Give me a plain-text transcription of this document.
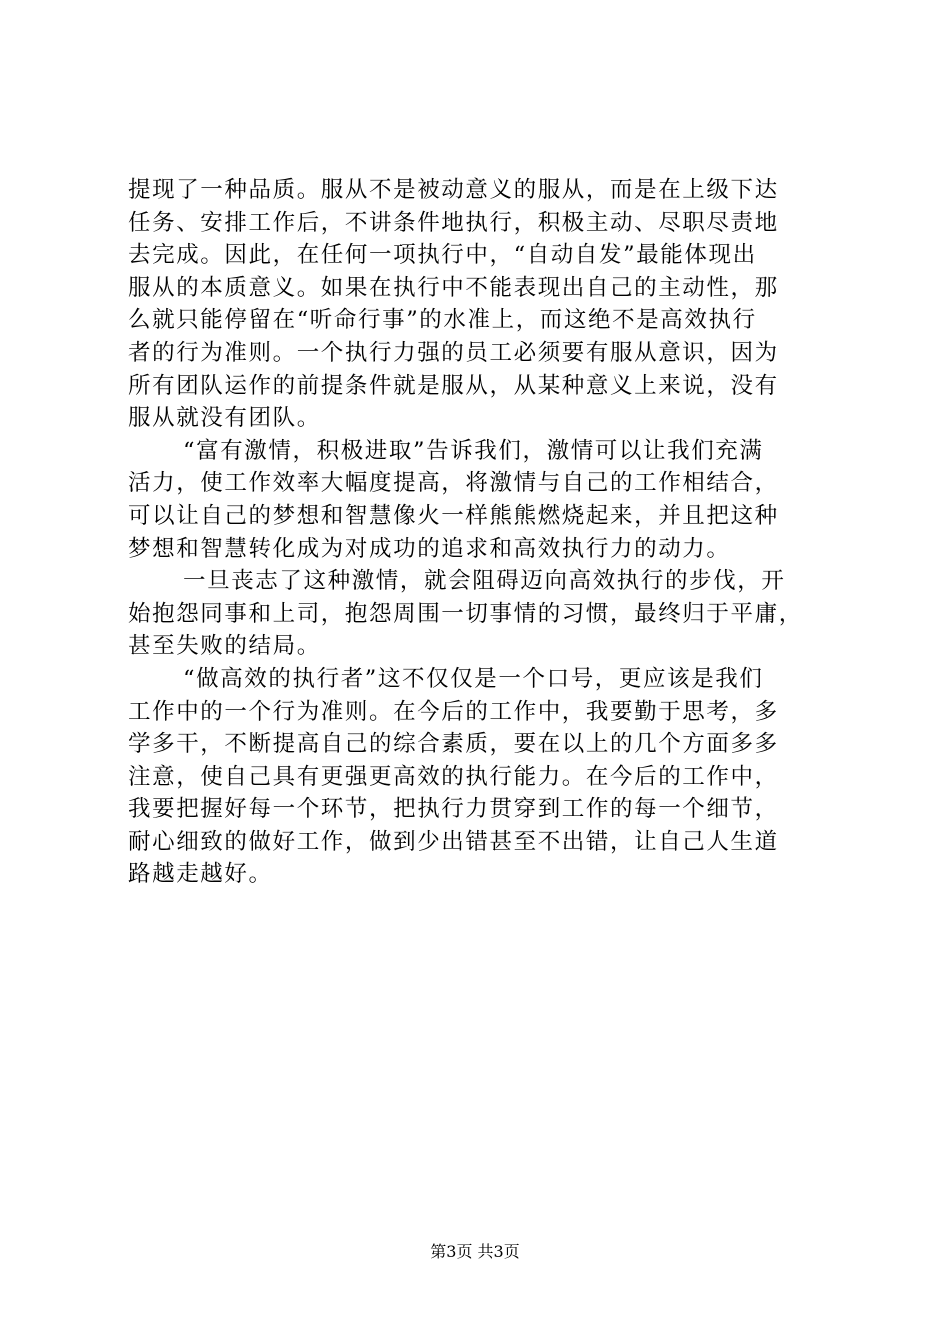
提现了一种品质。服从不是被动意义的服从，而是在上级下达
任务、安排工作后，不讲条件地执行，积极主动、尽职尽责地
去完成。因此，在任何一项执行中，“自动自发”最能体现出
服从的本质意义。如果在执行中不能表现出自己的主动性，那
么就只能停留在“听命行事”的水准上，而这绝不是高效执行
者的行为准则。一个执行力强的员工必须要有服从意识，因为
所有团队运作的前提条件就是服从，从某种意义上来说，没有
服从就没有团队。
“富有激情，积极进取”告诉我们，激情可以让我们充满
活力，使工作效率大幅度提高，将激情与自己的工作相结合，
可以让自己的梦想和智慧像火一样熊熊燃烧起来，并且把这种
梦想和智慧转化成为对成功的追求和高效执行力的动力。
一旦丧志了这种激情，就会阻碍迈向高效执行的步伐，开
始抱怨同事和上司，抱怨周围一切事情的习惯，最终归于平庸，
甚至失败的结局。
“做高效的执行者”这不仅仅是一个口号，更应该是我们
工作中的一个行为准则。在今后的工作中，我要勤于思考，多
学多干，不断提高自己的综合素质，要在以上的几个方面多多
注意，使自己具有更强更高效的执行能力。在今后的工作中，
我要把握好每一个环节，把执行力贯穿到工作的每一个细节，
耐心细致的做好工作，做到少出错甚至不出错，让自己人生道
路越走越好。
第3页 共3页
